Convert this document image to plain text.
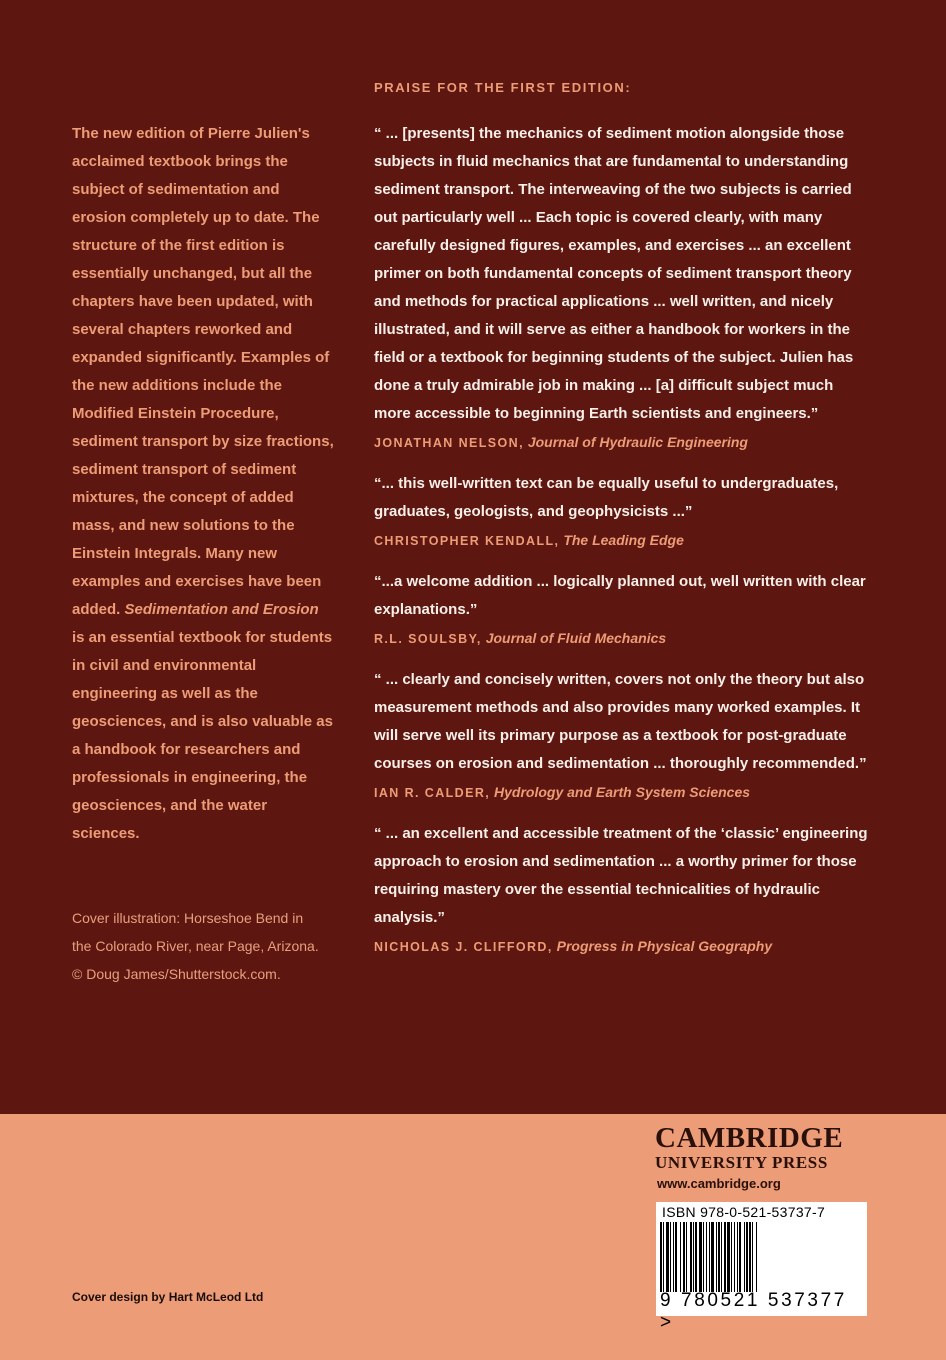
The new edition of Pierre Julien's acclaimed textbook brings the subject of sedimentation and erosion completely up to date. The structure of the first edition is essentially unchanged, but all the chapters have been updated, with several chapters reworked and expanded significantly. Examples of the new additions include the Modified Einstein Procedure, sediment transport by size fractions, sediment transport of sediment mixtures, the concept of added mass, and new solutions to the Einstein Integrals. Many new examples and exercises have been added. Sedimentation and Erosion is an essential textbook for students in civil and environmental engineering as well as the geosciences, and is also valuable as a handbook for researchers and professionals in engineering, the geosciences, and the water sciences.

Cover illustration: Horseshoe Bend in
the Colorado River, near Page, Arizona.
© Doug James/Shutterstock.com.

PRAISE FOR THE FIRST EDITION:

“ ... [presents] the mechanics of sediment motion alongside those subjects in fluid mechanics that are fundamental to understanding sediment transport. The interweaving of the two subjects is carried out particularly well ... Each topic is covered clearly, with many carefully designed figures, examples, and exercises ... an excellent primer on both fundamental concepts of sediment transport theory and methods for practical applications ... well written, and nicely illustrated, and it will serve as either a handbook for workers in the field or a textbook for beginning students of the subject. Julien has done a truly admirable job in making ... [a] difficult subject much more accessible to beginning Earth scientists and engineers.”

JONATHAN NELSON, Journal of Hydraulic Engineering

“... this well-written text can be equally useful to undergraduates, graduates, geologists, and geophysicists ...”

CHRISTOPHER KENDALL, The Leading Edge

“...a welcome addition ... logically planned out, well written with clear explanations.”

R.L. SOULSBY, Journal of Fluid Mechanics

“ ... clearly and concisely written, covers not only the theory but also measurement methods and also provides many worked examples. It will serve well its primary purpose as a textbook for post-graduate courses on erosion and sedimentation ... thoroughly recommended.”

IAN R. CALDER, Hydrology and Earth System Sciences

“ ... an excellent and accessible treatment of the ‘classic’ engineering approach to erosion and sedimentation ... a worthy primer for those requiring mastery over the essential technicalities of hydraulic analysis.”

NICHOLAS J. CLIFFORD, Progress in Physical Geography

Cover design by Hart McLeod Ltd

CAMBRIDGE

UNIVERSITY PRESS

www.cambridge.org

ISBN 978-0-521-53737-7

9 780521 537377 >
